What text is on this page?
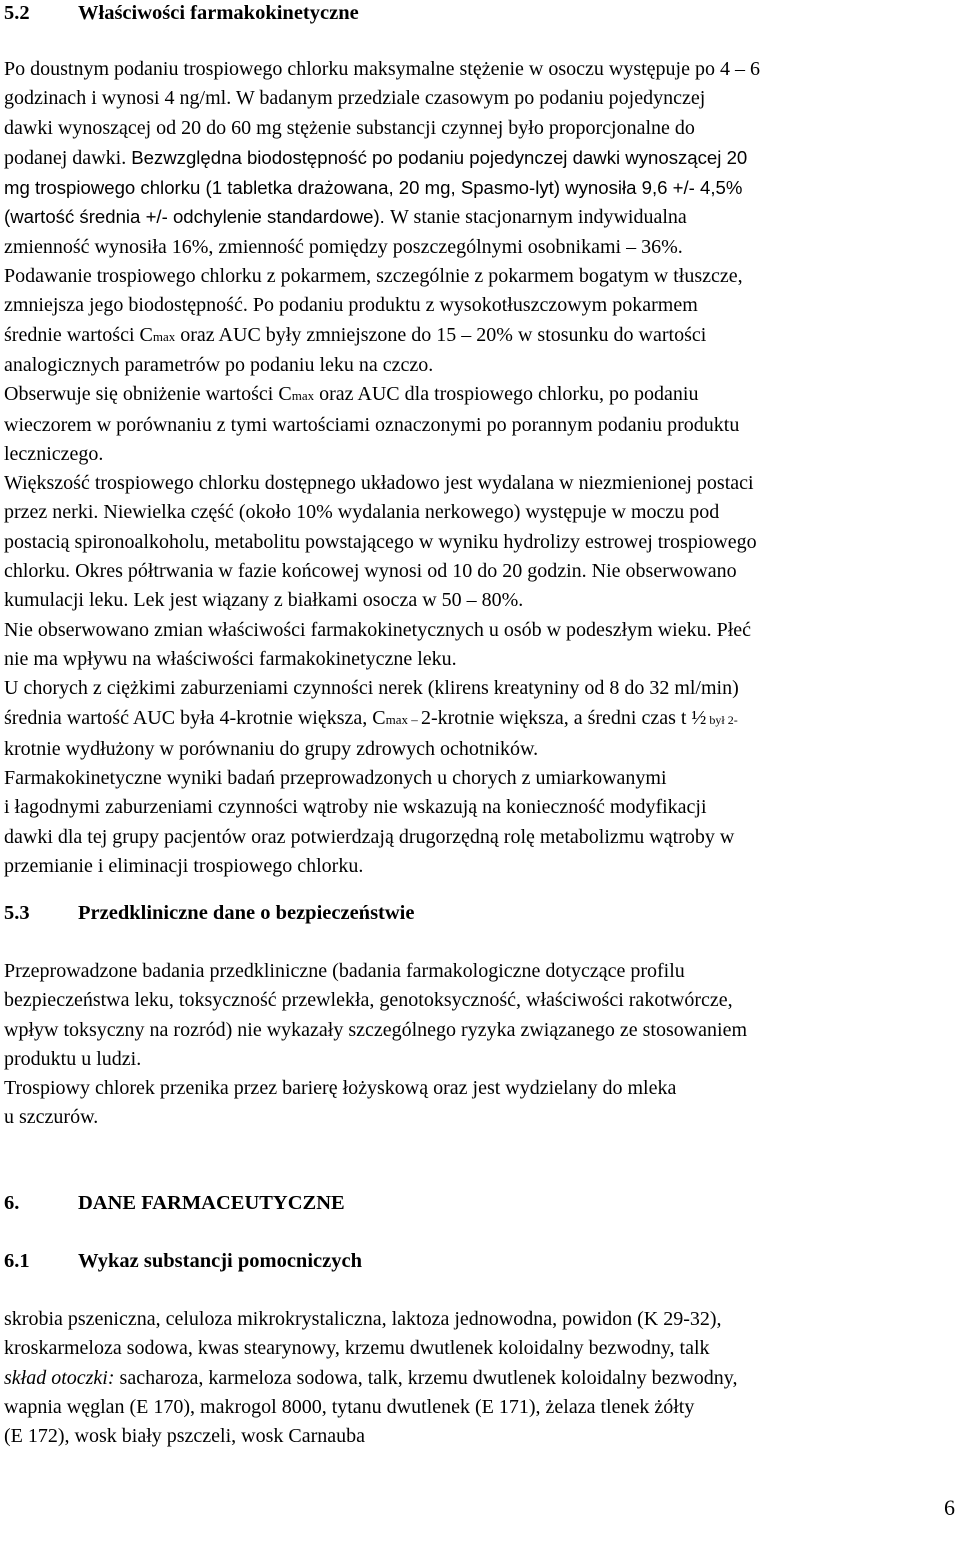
5.2	Właściwości farmakokinetyczne
Po doustnym podaniu trospiowego chlorku maksymalne stężenie w osoczu występuje po 4 – 6
godzinach i wynosi 4 ng/ml. W badanym przedziale czasowym po podaniu pojedynczej
dawki wynoszącej od 20 do 60 mg stężenie substancji czynnej było proporcjonalne do
podanej dawki. Bezwzględna biodostępność po podaniu pojedynczej dawki wynoszącej 20
mg trospiowego chlorku (1 tabletka drażowana, 20 mg, Spasmo-lyt) wynosiła 9,6 +/- 4,5%
(wartość średnia +/- odchylenie standardowe). W stanie stacjonarnym indywidualna
zmienność wynosiła 16%, zmienność pomiędzy poszczególnymi osobnikami – 36%.
Podawanie trospiowego chlorku z pokarmem, szczególnie z pokarmem bogatym w tłuszcze,
zmniejsza jego biodostępność. Po podaniu produktu z wysokotłuszczowym pokarmem
średnie wartości Cmax oraz AUC były zmniejszone do 15 – 20% w stosunku do wartości
analogicznych parametrów po podaniu leku na czczo.
Obserwuje się obniżenie wartości Cmax oraz AUC dla trospiowego chlorku, po podaniu
wieczorem w porównaniu z tymi wartościami oznaczonymi po porannym podaniu produktu
leczniczego.
Większość trospiowego chlorku dostępnego układowo jest wydalana w niezmienionej postaci
przez nerki. Niewielka część (około 10% wydalania nerkowego) występuje w moczu pod
postacią spironoalkoholu, metabolitu powstającego w wyniku hydrolizy estrowej trospiowego
chlorku. Okres półtrwania w fazie końcowej wynosi od 10 do 20 godzin. Nie obserwowano
kumulacji leku. Lek jest wiązany z białkami osocza w 50 – 80%.
Nie obserwowano zmian właściwości farmakokinetycznych u osób w podeszłym wieku. Płeć
nie ma wpływu na właściwości farmakokinetyczne leku.
U chorych z ciężkimi zaburzeniami czynności nerek (klirens kreatyniny od 8 do 32 ml/min)
średnia wartość AUC była 4-krotnie większa, Cmax – 2-krotnie większa, a średni czas t ½ był 2-
krotnie wydłużony w porównaniu do grupy zdrowych ochotników.
Farmakokinetyczne wyniki badań przeprowadzonych u chorych z umiarkowanymi
i łagodnymi zaburzeniami czynności wątroby nie wskazują na konieczność modyfikacji
dawki dla tej grupy pacjentów oraz potwierdzają drugorzędną rolę metabolizmu wątroby w
przemianie i eliminacji trospiowego chlorku.
5.3	Przedkliniczne dane o bezpieczeństwie
Przeprowadzone badania przedkliniczne (badania farmakologiczne dotyczące profilu
bezpieczeństwa leku, toksyczność przewlekła, genotoksyczność, właściwości rakotwórcze,
wpływ toksyczny na rozród) nie wykazały szczególnego ryzyka związanego ze stosowaniem
produktu u ludzi.
Trospiowy chlorek przenika przez barierę łożyskową oraz jest wydzielany do mleka
u szczurów.
6.	DANE FARMACEUTYCZNE
6.1	Wykaz substancji pomocniczych
skrobia pszeniczna, celuloza mikrokrystaliczna, laktoza jednowodna, powidon (K 29-32),
kroskarmeloza sodowa, kwas stearynowy, krzemu dwutlenek koloidalny bezwodny, talk
skład otoczki: sacharoza, karmeloza sodowa, talk, krzemu dwutlenek koloidalny bezwodny,
wapnia węglan (E 170), makrogol 8000, tytanu dwutlenek (E 171), żelaza tlenek żółty
(E 172), wosk biały pszczeli, wosk Carnauba
6
